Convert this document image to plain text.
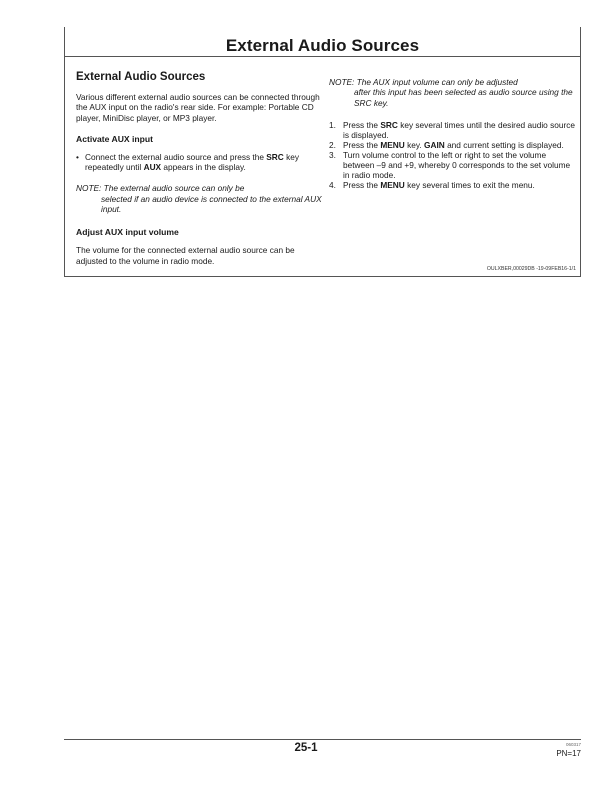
External Audio Sources
External Audio Sources

Various different external audio sources can be connected through the AUX input on the radio's rear side. For example: Portable CD player, MiniDisc player, or MP3 player.

Activate AUX input
• Connect the external audio source and press the SRC key repeatedly until AUX appears in the display.
NOTE: The external audio source can only be
selected if an audio device is connected to the external AUX input.
Adjust AUX input volume

The volume for the connected external audio source can be adjusted to the volume in radio mode.

NOTE: The AUX input volume can only be adjusted
after this input has been selected as audio source using the SRC key.
1. Press the SRC key several times until the desired audio source is displayed.
2. Press the MENU key. GAIN and current setting is displayed.
3. Turn volume control to the left or right to set the volume between –9 and +9, whereby 0 corresponds to the set volume in radio mode.
4. Press the MENU key several times to exit the menu.
OULXBER,00029DB -19-09FEB16-1/1
25-1	060317
PN=17
